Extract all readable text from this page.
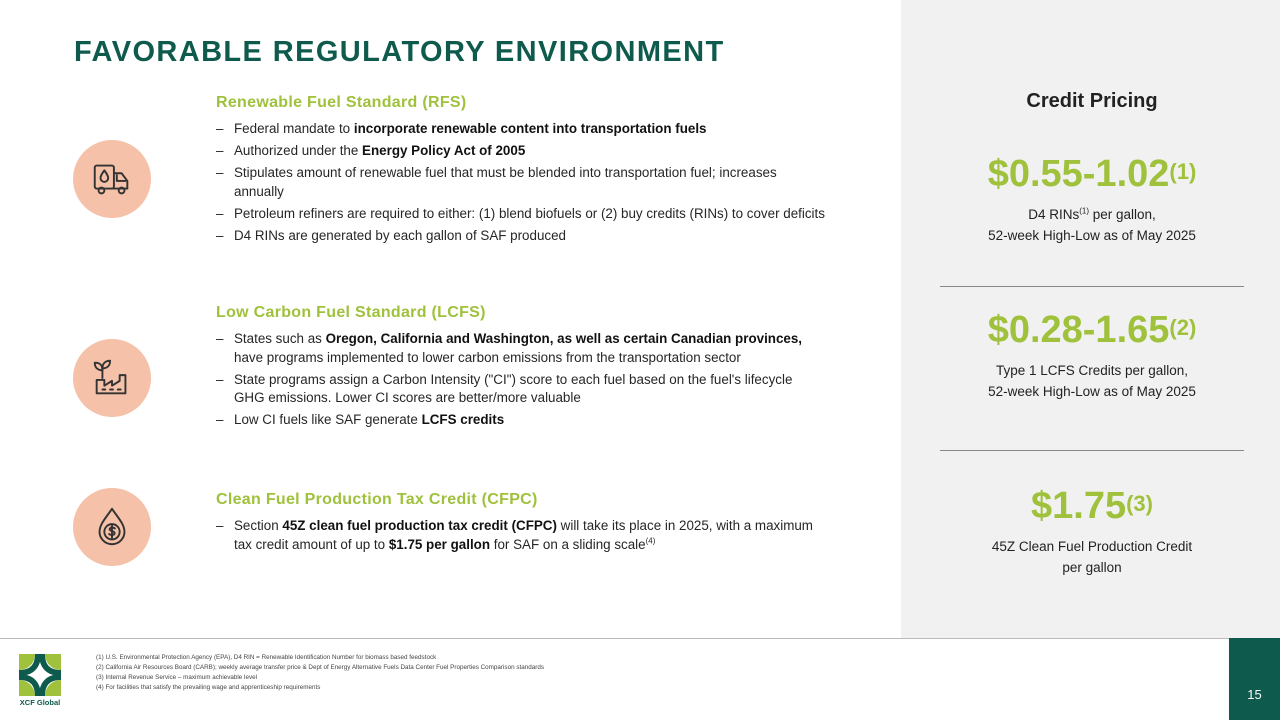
FAVORABLE REGULATORY ENVIRONMENT
Renewable Fuel Standard (RFS)
– Federal mandate to incorporate renewable content into transportation fuels
– Authorized under the Energy Policy Act of 2005
– Stipulates amount of renewable fuel that must be blended into transportation fuel; increases annually
– Petroleum refiners are required to either: (1) blend biofuels or (2) buy credits (RINs) to cover deficits
– D4 RINs are generated by each gallon of SAF produced
Low Carbon Fuel Standard (LCFS)
– States such as Oregon, California and Washington, as well as certain Canadian provinces, have programs implemented to lower carbon emissions from the transportation sector
– State programs assign a Carbon Intensity ("CI") score to each fuel based on the fuel's lifecycle GHG emissions. Lower CI scores are better/more valuable
– Low CI fuels like SAF generate LCFS credits
Clean Fuel Production Tax Credit (CFPC)
– Section 45Z clean fuel production tax credit (CFPC) will take its place in 2025, with a maximum tax credit amount of up to $1.75 per gallon for SAF on a sliding scale$^{(4)}$
Credit Pricing
$0.55-1.02$^{(1)}$
D4 RINs$^{(1)}$ per gallon,
52-week High-Low as of May 2025
$0.28-1.65$^{(2)}$
Type 1 LCFS Credits per gallon,
52-week High-Low as of May 2025
$1.75$^{(3)}$
45Z Clean Fuel Production Credit
per gallon
XCF Global
(1) U.S. Environmental Protection Agency (EPA), D4 RIN = Renewable Identification Number for biomass based feedstock
(2) California Air Resources Board (CARB); weekly average transfer price & Dept of Energy Alternative Fuels Data Center Fuel Properties Comparison standards
(3) Internal Revenue Service – maximum achievable level
(4) For facilities that satisfy the prevailing wage and apprenticeship requirements	15
